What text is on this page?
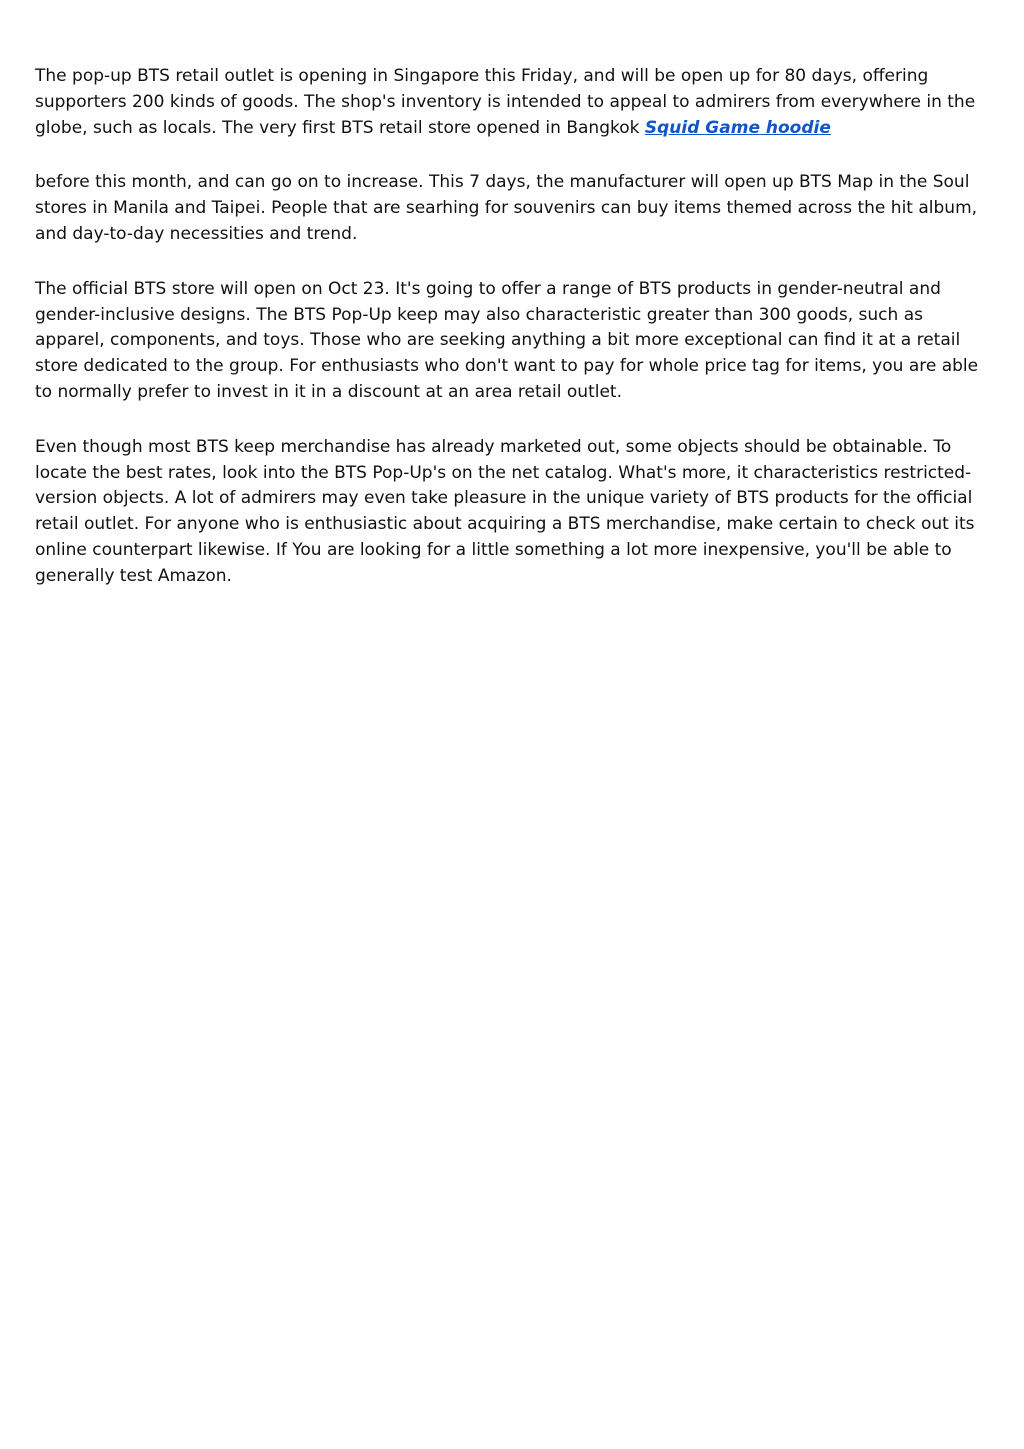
The pop-up BTS retail outlet is opening in Singapore this Friday, and will be open up for 80 days, offering supporters 200 kinds of goods. The shop's inventory is intended to appeal to admirers from everywhere in the globe, such as locals. The very first BTS retail store opened in Bangkok Squid Game hoodie

before this month, and can go on to increase. This 7 days, the manufacturer will open up BTS Map in the Soul stores in Manila and Taipei. People that are searhing for souvenirs can buy items themed across the hit album, and day-to-day necessities and trend.

The official BTS store will open on Oct 23. It's going to offer a range of BTS products in gender-neutral and gender-inclusive designs. The BTS Pop-Up keep may also characteristic greater than 300 goods, such as apparel, components, and toys. Those who are seeking anything a bit more exceptional can find it at a retail store dedicated to the group. For enthusiasts who don't want to pay for whole price tag for items, you are able to normally prefer to invest in it in a discount at an area retail outlet.

Even though most BTS keep merchandise has already marketed out, some objects should be obtainable. To locate the best rates, look into the BTS Pop-Up's on the net catalog. What's more, it characteristics restricted-version objects. A lot of admirers may even take pleasure in the unique variety of BTS products for the official retail outlet. For anyone who is enthusiastic about acquiring a BTS merchandise, make certain to check out its online counterpart likewise. If You are looking for a little something a lot more inexpensive, you'll be able to generally test Amazon.
